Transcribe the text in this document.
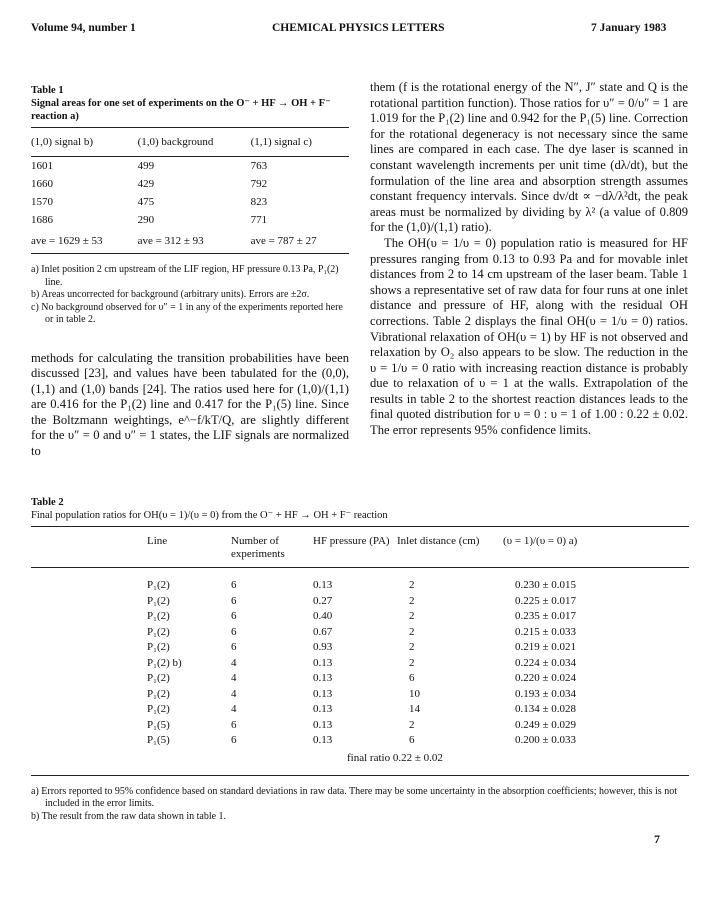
Volume 94, number 1	CHEMICAL PHYSICS LETTERS	7 January 1983
Table 1
Signal areas for one set of experiments on the O⁻ + HF → OH + F⁻ reaction a)
(1,0) signal b)	(1,0) background	(1,1) signal c)
1601	499	763
1660	429	792
1570	475	823
1686	290	771
ave = 1629 ± 53	ave = 312 ± 93	ave = 787 ± 27

a) Inlet position 2 cm upstream of the LIF region, HF pressure 0.13 Pa, P₁(2) line.

b) Areas uncorrected for background (arbitrary units). Errors are ±2σ.

c) No background observed for υ″ = 1 in any of the experiments reported here or in table 2.

methods for calculating the transition probabilities have been discussed [23], and values have been tabulated for the (0,0), (1,1) and (1,0) bands [24]. The ratios used here for (1,0)/(1,1) are 0.416 for the P₁(2) line and 0.417 for the P₁(5) line. Since the Boltzmann weightings, e^−f/kT/Q, are slightly different for the υ″ = 0 and υ″ = 1 states, the LIF signals are normalized to

them (f is the rotational energy of the N″, J″ state and Q is the rotational partition function). Those ratios for υ″ = 0/υ″ = 1 are 1.019 for the P₁(2) line and 0.942 for the P₁(5) line. Correction for the rotational degeneracy is not necessary since the same lines are compared in each case. The dye laser is scanned in constant wavelength increments per unit time (dλ/dt), but the formulation of the line area and absorption strength assumes constant frequency intervals. Since dν/dt ∝ −dλ/λ²dt, the peak areas must be normalized by dividing by λ² (a value of 0.809 for the (1,0)/(1,1) ratio).

The OH(υ = 1/υ = 0) population ratio is measured for HF pressures ranging from 0.13 to 0.93 Pa and for movable inlet distances from 2 to 14 cm upstream of the laser beam. Table 1 shows a representative set of raw data for four runs at one inlet distance and pressure of HF, along with the residual OH corrections. Table 2 displays the final OH(υ = 1/υ = 0) ratios. Vibrational relaxation of OH(υ = 1) by HF is not observed and relaxation by O₂ also appears to be slow. The reduction in the υ = 1/υ = 0 ratio with increasing reaction distance is probably due to relaxation of υ = 1 at the walls. Extrapolation of the results in table 2 to the shortest reaction distances leads to the final quoted distribution for υ = 0 : υ = 1 of 1.00 : 0.22 ± 0.02. The error represents 95% confidence limits.

Table 2
Final population ratios for OH(υ = 1)/(υ = 0) from the O⁻ + HF → OH + F⁻ reaction
	Line	Number of experiments	HF pressure (PA)	Inlet distance (cm)	(υ = 1)/(υ = 0) a)
	P₁(2)	6	0.13	2	0.230 ± 0.015
	P₁(2)	6	0.27	2	0.225 ± 0.017
	P₁(2)	6	0.40	2	0.235 ± 0.017
	P₁(2)	6	0.67	2	0.215 ± 0.033
	P₁(2)	6	0.93	2	0.219 ± 0.021
	P₁(2) b)	4	0.13	2	0.224 ± 0.034
	P₁(2)	4	0.13	6	0.220 ± 0.024
	P₁(2)	4	0.13	10	0.193 ± 0.034
	P₁(2)	4	0.13	14	0.134 ± 0.028
	P₁(5)	6	0.13	2	0.249 ± 0.029
	P₁(5)	6	0.13	6	0.200 ± 0.033
			final ratio 0.22 ± 0.02		

a) Errors reported to 95% confidence based on standard deviations in raw data. There may be some uncertainty in the absorption coefficients; however, this is not included in the error limits.

b) The result from the raw data shown in table 1.

7
